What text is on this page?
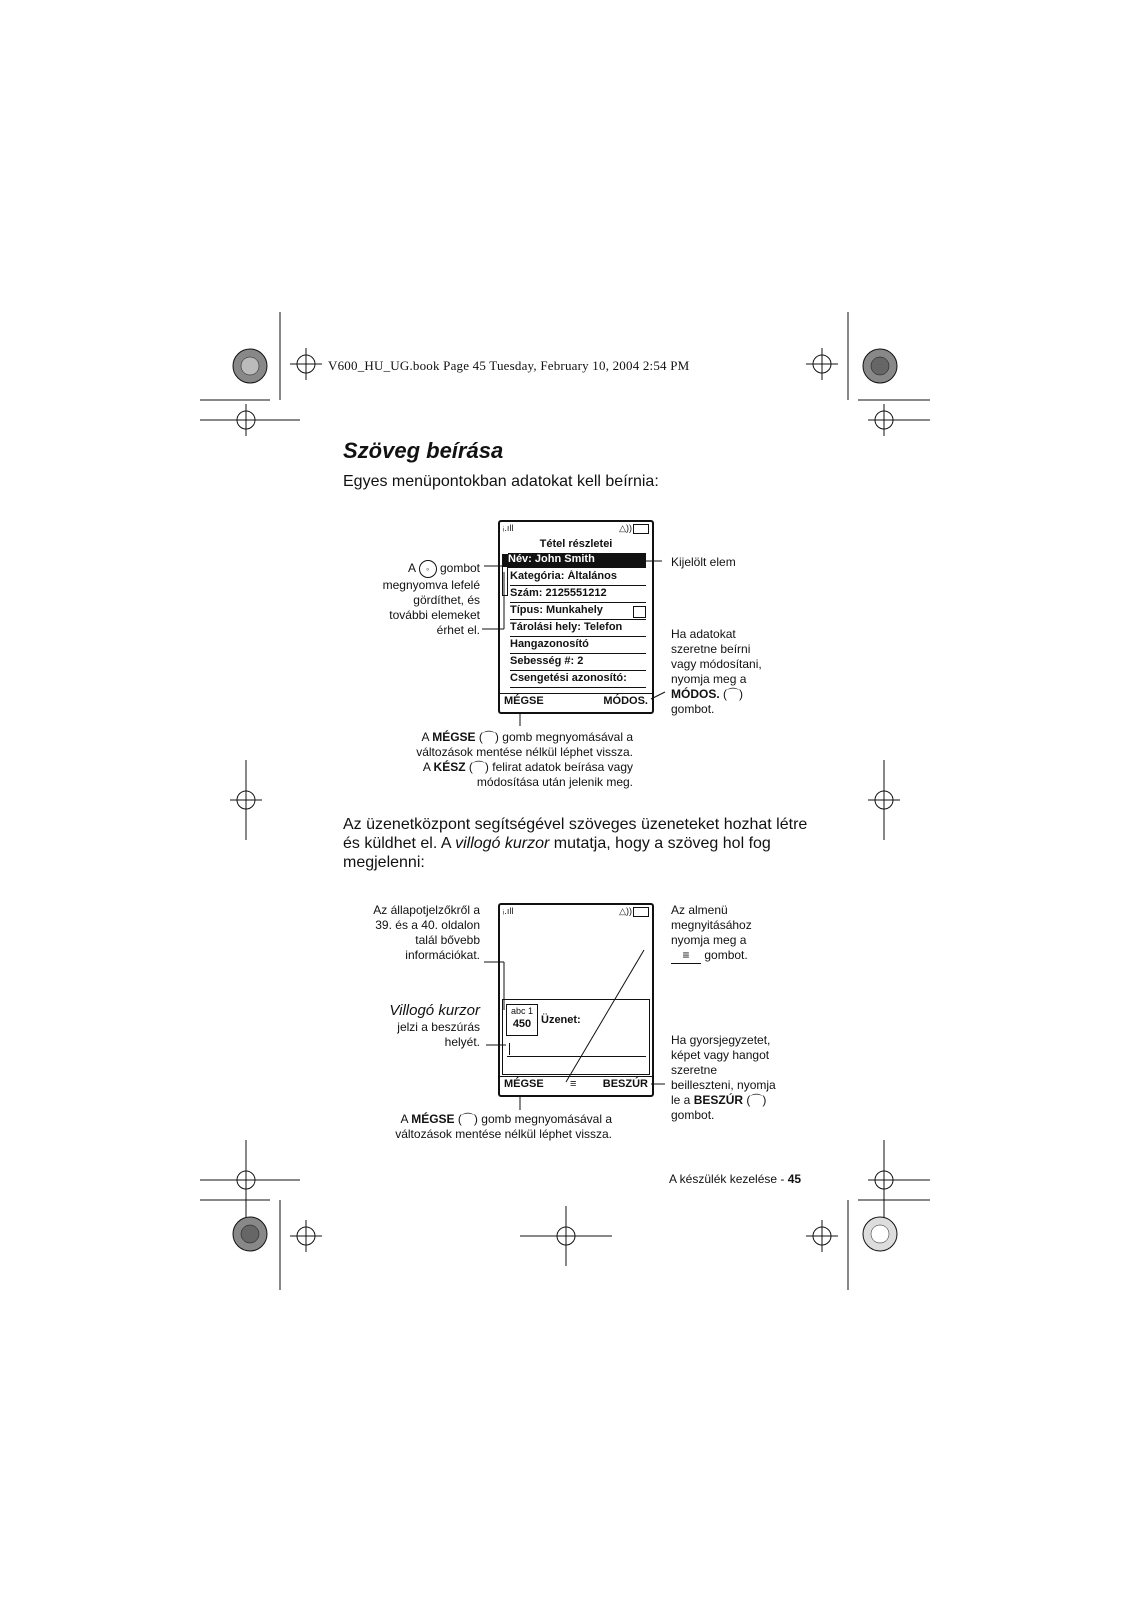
V600_HU_UG.book Page 45 Tuesday, February 10, 2004 2:54 PM
Szöveg beírása
Egyes menüpontokban adatokat kell beírnia:
ᵢ.ıll	△))
Tétel részletei
Név: John Smith
Kategória: Általános
Szám: 2125551212
Típus: Munkahely
Tárolási hely: Telefon
Hangazonosító
Sebesség #: 2
Csengetési azonosító:
MÉGSE	MÓDOS.
A ◦ gombot
megnyomva lefelé
gördíthet, és
további elemeket
érhet el.
Kijelölt elem
Ha adatokat
szeretne beírni
vagy módosítani,
nyomja meg a
MÓDOS. (⌒)
gombot.
A MÉGSE (⌒) gomb megnyomásával a
változások mentése nélkül léphet vissza.
A KÉSZ (⌒) felirat adatok beírása vagy
módosítása után jelenik meg.
Az üzenetközpont segítségével szöveges üzeneteket hozhat létre
és küldhet el. A villogó kurzor mutatja, hogy a szöveg hol fog
megjelenni:
ᵢ.ıll	△))
abc 1
450 Üzenet:
MÉGSE ≡ BESZÚR
Az állapotjelzőkről a
39. és a 40. oldalon
talál bővebb
információkat.
Villogó kurzor
jelzi a beszúrás
helyét.
Az almenü
megnyitásához
nyomja meg a
≡ gombot.
Ha gyorsjegyzetet,
képet vagy hangot
szeretne
beilleszteni, nyomja
le a BESZÚR (⌒)
gombot.
A MÉGSE (⌒) gomb megnyomásával a
változások mentése nélkül léphet vissza.
A készülék kezelése - 45
